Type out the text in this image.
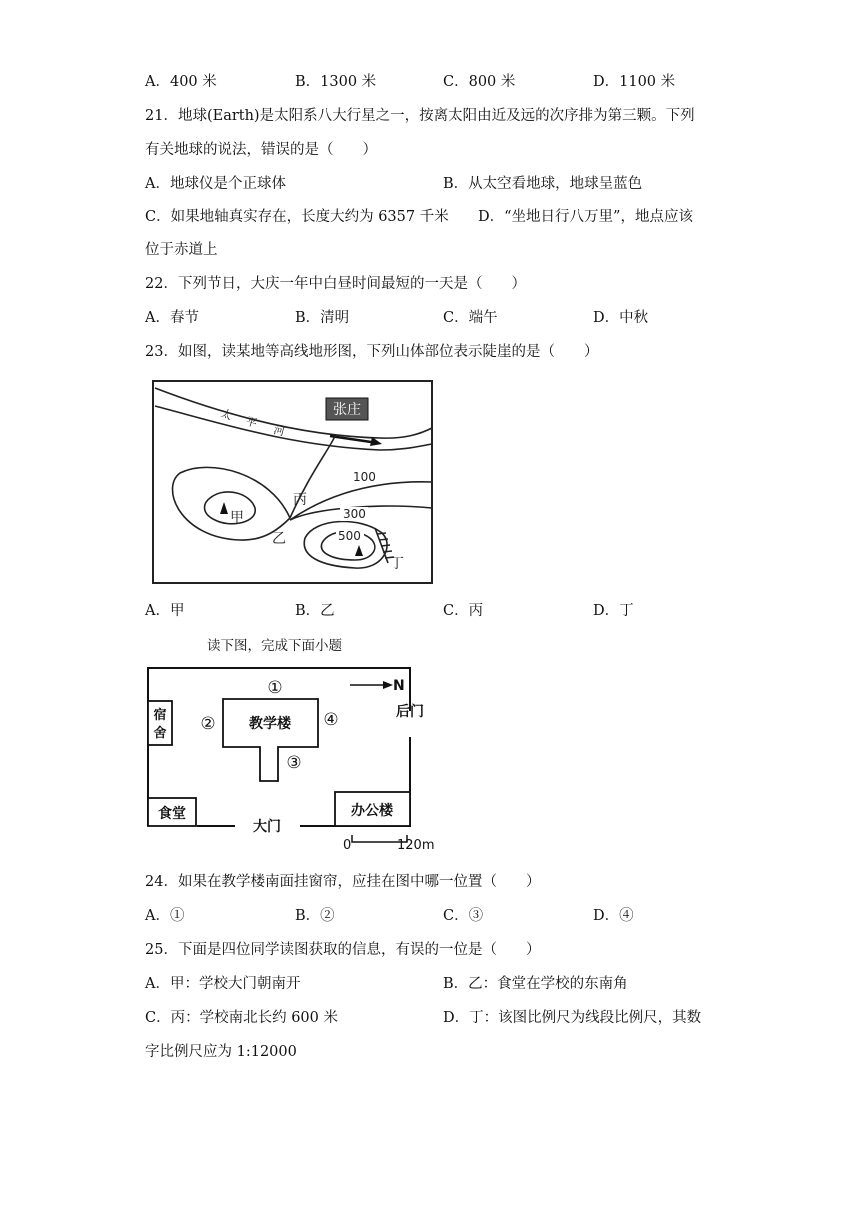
A．400 米	B．1300 米	C．800 米	D．1100 米
21．地球(Earth)是太阳系八大行星之一，按离太阳由近及远的次序排为第三颗。下列
有关地球的说法，错误的是（　　）
A．地球仪是个正球体	B．从太空看地球，地球呈蓝色
C．如果地轴真实存在，长度大约为 6357 千米 D．“坐地日行八万里”，地点应该
位于赤道上
22．下列节日，大庆一年中白昼时间最短的一天是（　　）
A．春节	B．清明	C．端午	D．中秋
23．如图，读某地等高线地形图，下列山体部位表示陡崖的是（　　）
张庄
太 平
河
100
300
500
甲
乙
丙
丁
A．甲	B．乙	C．丙	D．丁
读下图，完成下面小题
N
教学楼
①
②
③
④
宿
舍
食堂	办公楼
大门
后门
0	120m
24．如果在教学楼南面挂窗帘，应挂在图中哪一位置（　　）
A．①	B．②	C．③	D．④
25．下面是四位同学读图获取的信息，有误的一位是（　　）
A．甲：学校大门朝南开	B．乙：食堂在学校的东南角
C．丙：学校南北长约 600 米	D．丁：该图比例尺为线段比例尺，其数
字比例尺应为 1:12000
